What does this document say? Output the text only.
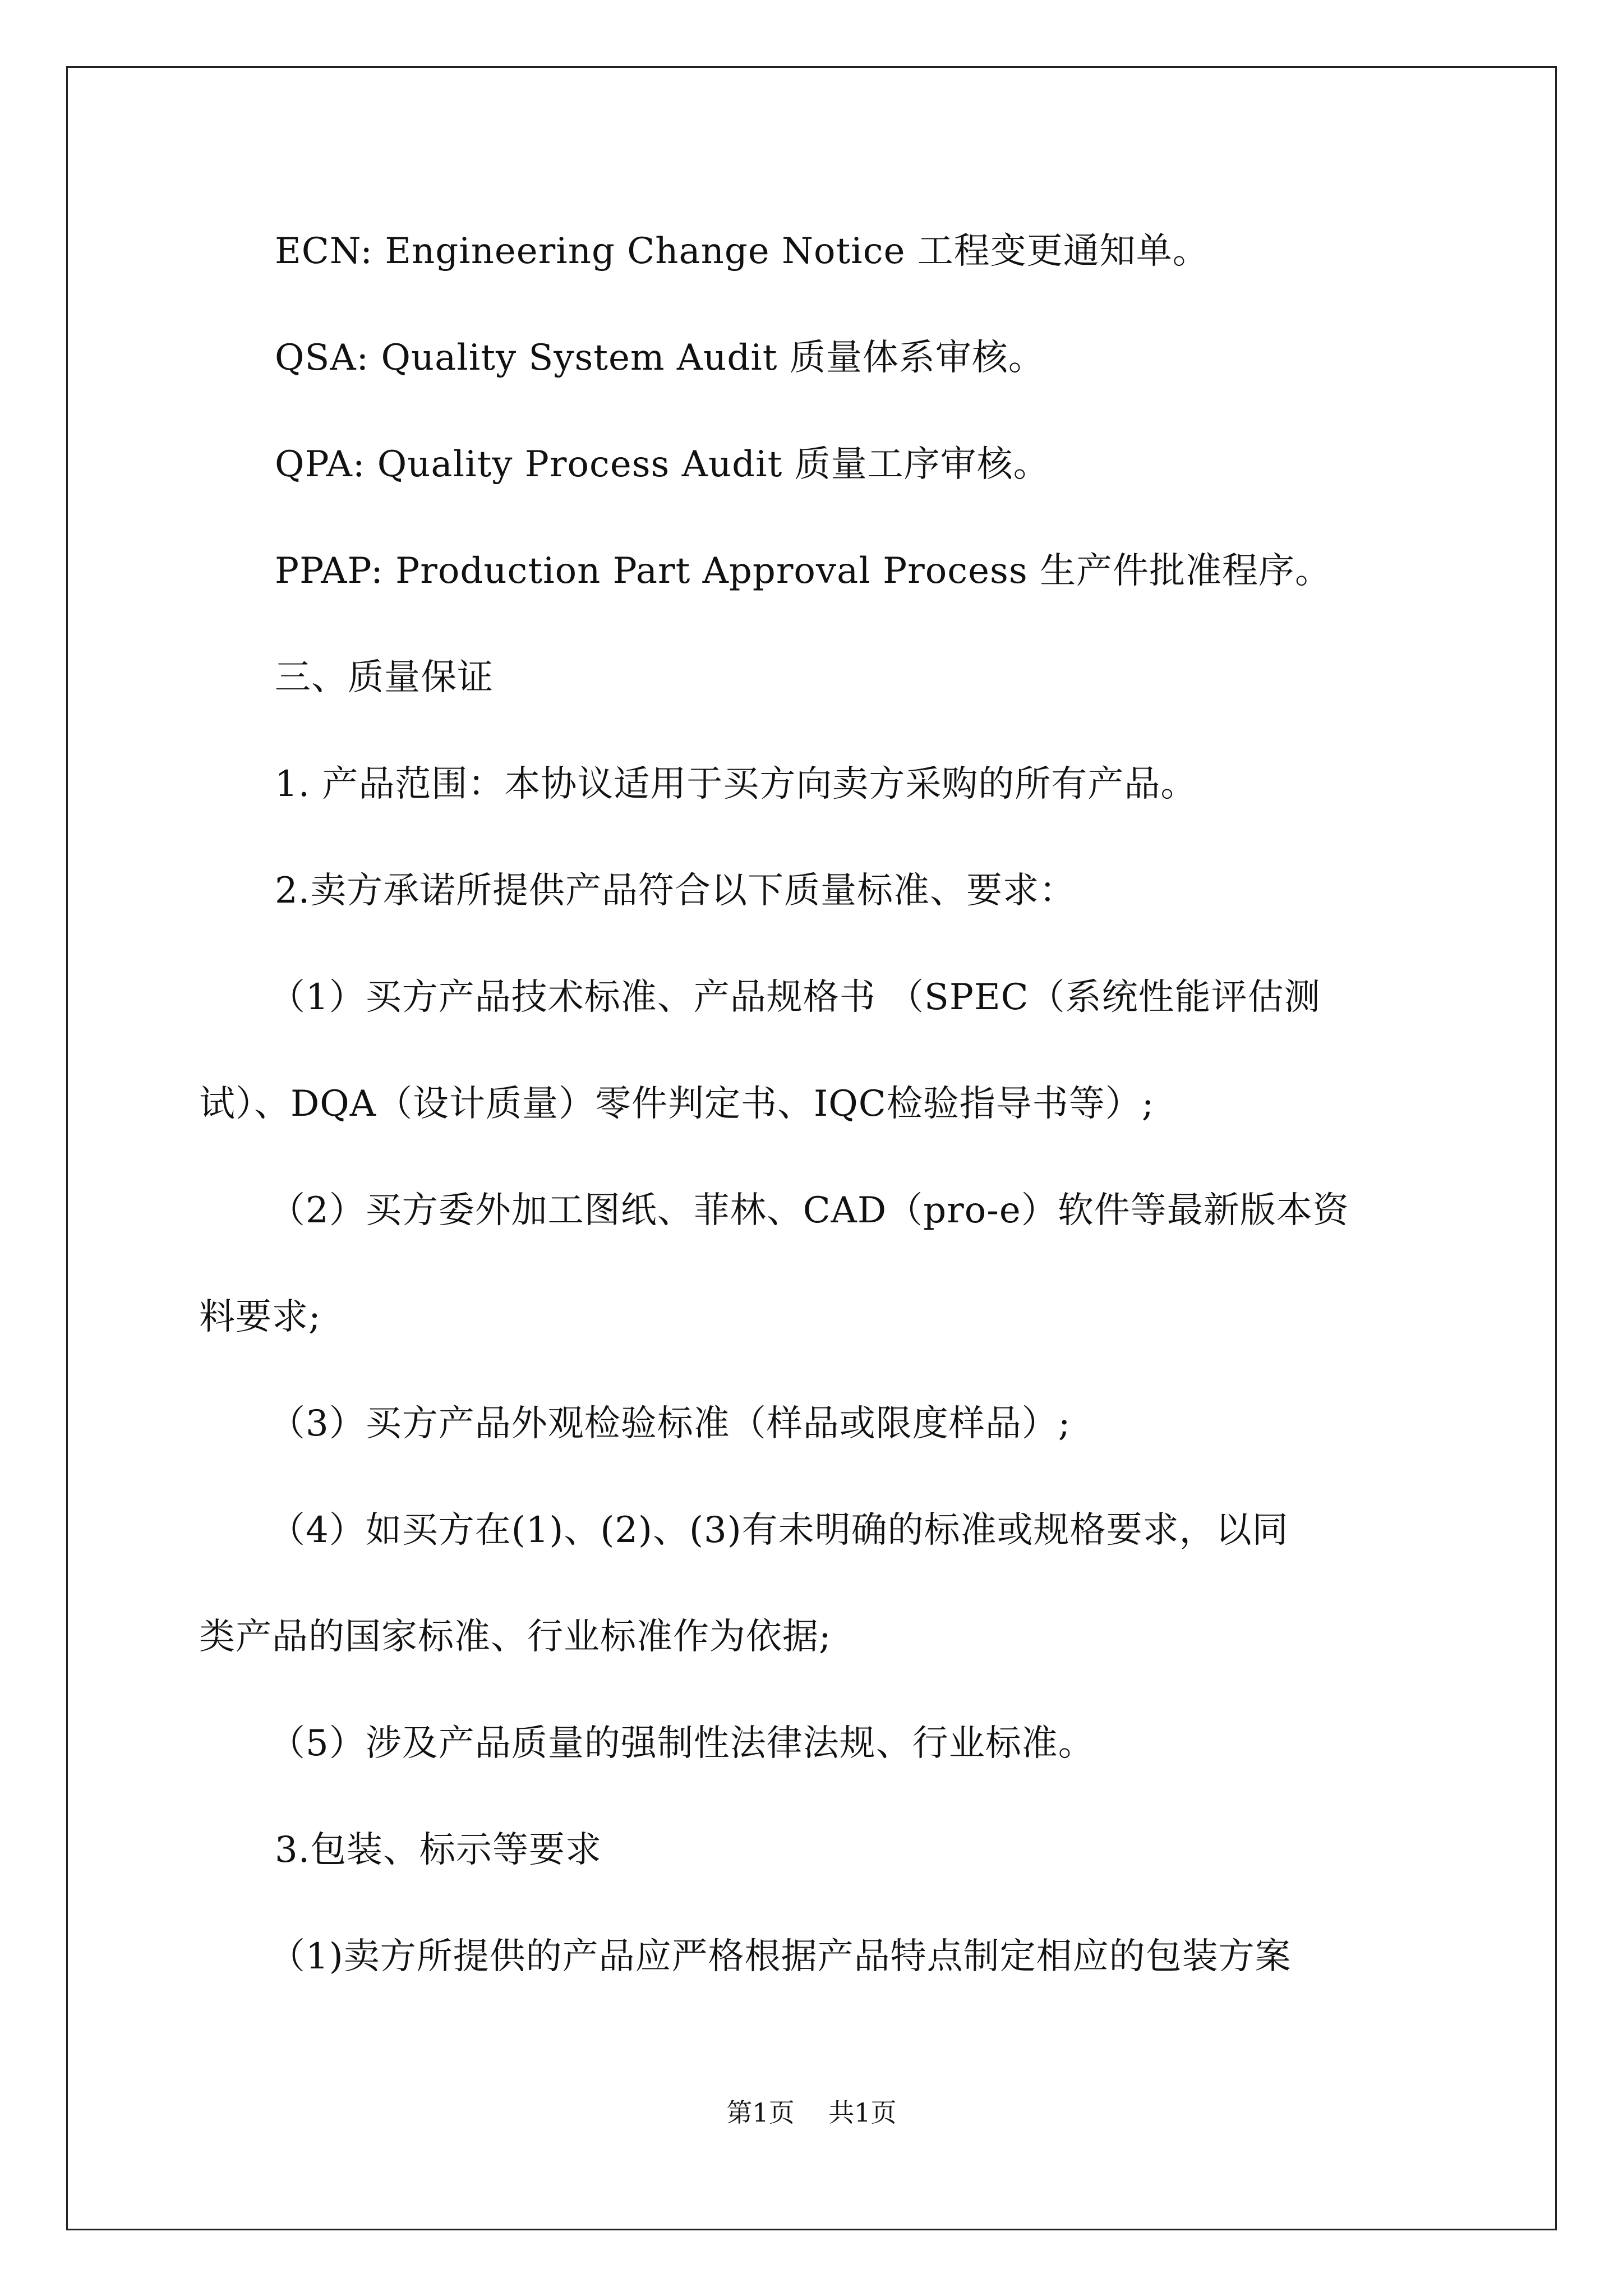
ECN: Engineering Change Notice 工程变更通知单。
QSA: Quality System Audit 质量体系审核。
QPA: Quality Process Audit 质量工序审核。
PPAP: Production Part Approval Process 生产件批准程序。
三、质量保证
1. 产品范围：本协议适用于买方向卖方采购的所有产品。
2.卖方承诺所提供产品符合以下质量标准、要求：
（1）买方产品技术标准、产品规格书 （SPEC（系统性能评估测
试）、DQA（设计质量）零件判定书、IQC检验指导书等）;
（2）买方委外加工图纸、菲林、CAD（pro-e）软件等最新版本资
料要求;
（3）买方产品外观检验标准（样品或限度样品）;
（4）如买方在(1)、(2)、(3)有未明确的标准或规格要求，以同
类产品的国家标准、行业标准作为依据;
（5）涉及产品质量的强制性法律法规、行业标准。
3.包装、标示等要求
（1)卖方所提供的产品应严格根据产品特点制定相应的包装方案
第1页　 共1页
